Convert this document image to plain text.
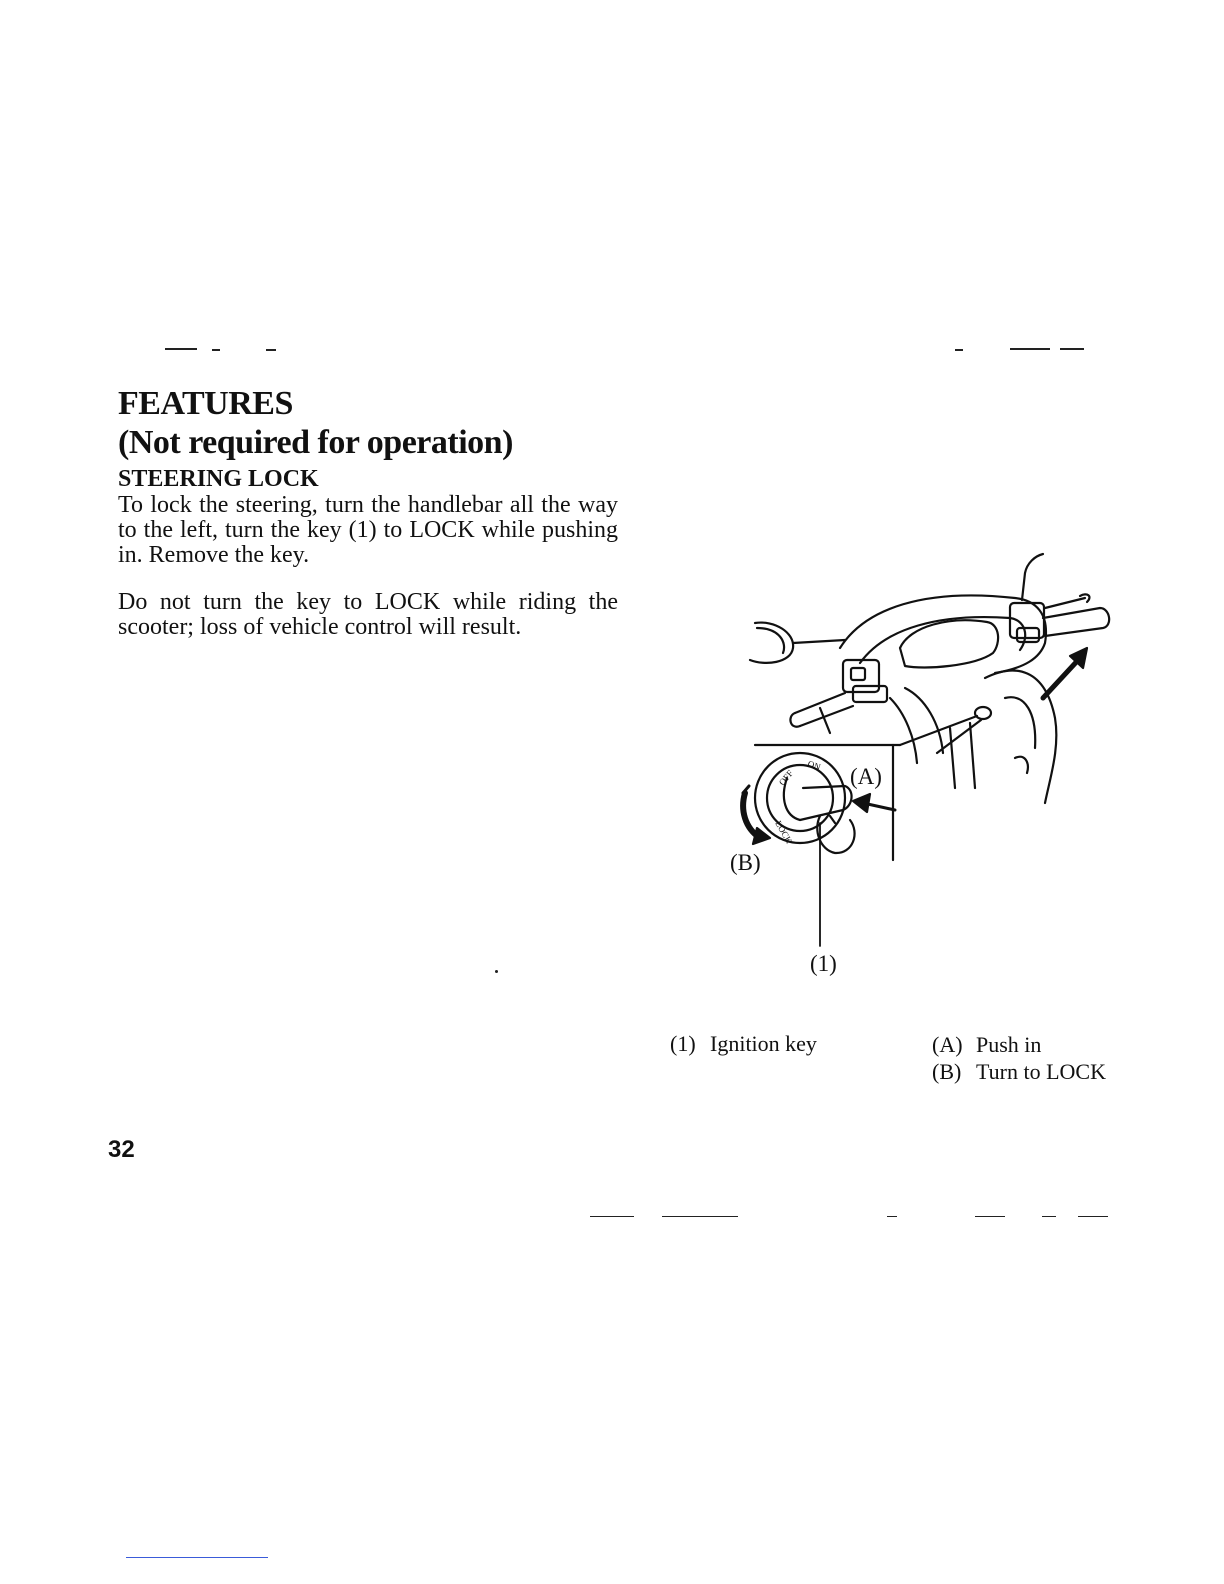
FEATURES
(Not required for operation)
STEERING LOCK

To lock the steering, turn the handlebar all the way to the left, turn the key (1) to LOCK while pushing in. Remove the key.

Do not turn the key to LOCK while riding the scooter; loss of vehicle control will result.

OFF
ON
LOCK
(A)
(B)
(1)
(1) Ignition key	(A) Push in
(B) Turn to LOCK
32
